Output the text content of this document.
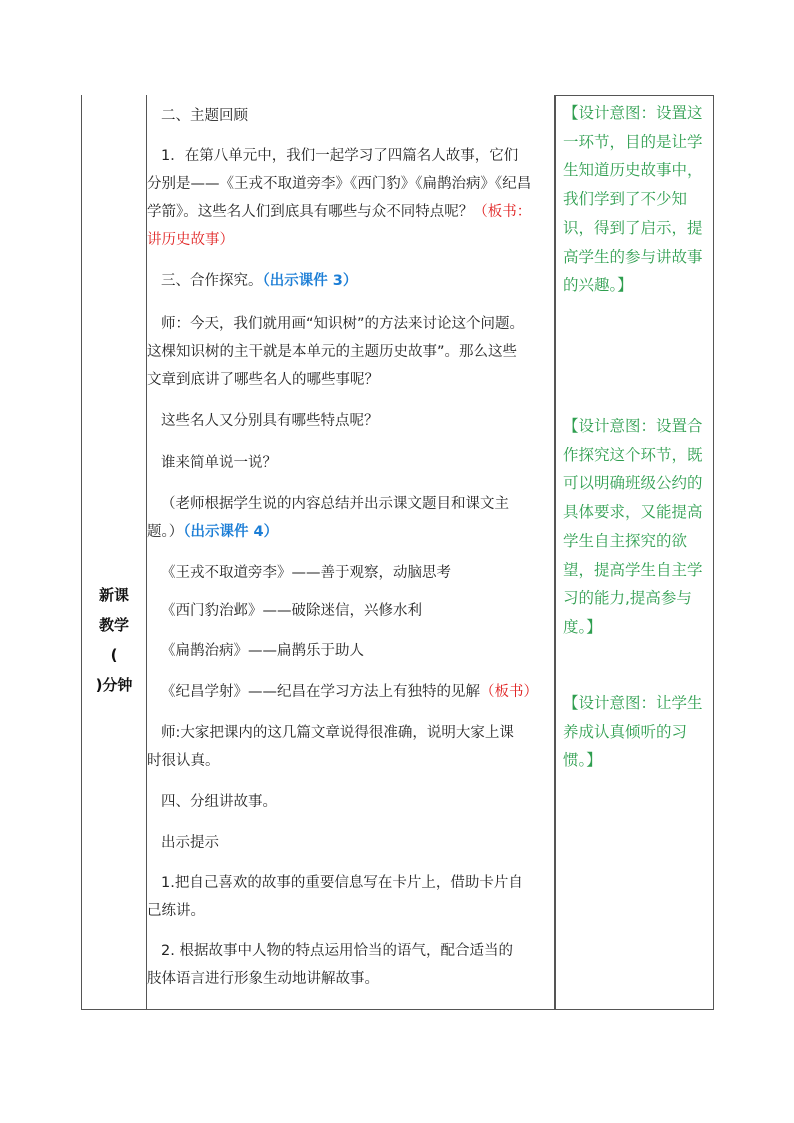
新课
教学
(
)分钟
二、主题回顾
1．在第八单元中，我们一起学习了四篇名人故事，它们
分别是——《王戎不取道旁李》《西门豹》《扁鹊治病》《纪昌
学箭》。这些名人们到底具有哪些与众不同特点呢？（板书：
讲历史故事）
三、合作探究。（出示课件 3）
师：今天，我们就用画“知识树”的方法来讨论这个问题。
这棵知识树的主干就是本单元的主题历史故事”。那么这些
文章到底讲了哪些名人的哪些事呢？
这些名人又分别具有哪些特点呢？
谁来简单说一说？
（老师根据学生说的内容总结并出示课文题目和课文主
题。）（出示课件 4）
《王戎不取道旁李》——善于观察，动脑思考
《西门豹治邺》——破除迷信，兴修水利
《扁鹊治病》——扁鹊乐于助人
《纪昌学射》——纪昌在学习方法上有独特的见解（板书）
师:大家把课内的这几篇文章说得很准确，说明大家上课
时很认真。
四、分组讲故事。
出示提示
1.把自己喜欢的故事的重要信息写在卡片上，借助卡片自
己练讲。
2. 根据故事中人物的特点运用恰当的语气，配合适当的
肢体语言进行形象生动地讲解故事。
【设计意图：设置这一环节，目的是让学生知道历史故事中，我们学到了不少知识，得到了启示，提高学生的参与讲故事的兴趣。】
【设计意图：设置合作探究这个环节，既可以明确班级公约的具体要求，又能提高学生自主探究的欲望，提高学生自主学习的能力,提高参与度。】
【设计意图：让学生养成认真倾听的习惯。】
